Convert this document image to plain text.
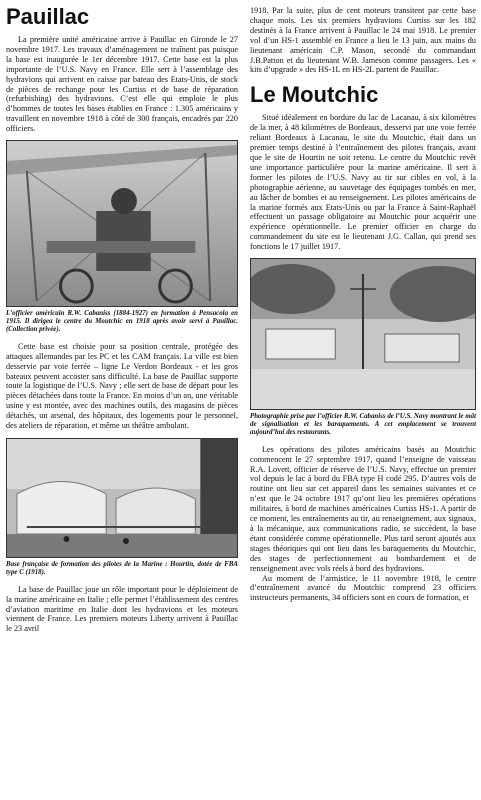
Pauillac

La première unité américaine arrive à Pauillac en Gironde le 27 novembre 1917. Les travaux d’aménagement ne traînent pas puisque la base est inaugurée le 1er décembre 1917. Cette base est la plus importante de l’U.S. Navy en France. Elle sert à l’assemblage des hydravions qui arrivent en caisse par bateau des Etats-Unis, de stock de pièces de rechange pour les Curtiss et de base de réparation (refurbishing) des hydravions. C’est elle qui emploie le plus d’hommes de toutes les bases établies en France : 1.305 américains y travaillent en novembre 1918 à côté de 300 français, encadrés par 220 officiers.

L’officier américain R.W. Cabaniss (1884-1927) en formation à Pensacola en 1915. Il dirigea le centre du Moutchic en 1918 après avoir servi à Pauillac. (Collection privée).

Cette base est choisie pour sa position centrale, protégée des attaques allemandes par les PC et les CAM français. La ville est bien desservie par voie ferrée – ligne Le Verdon Bordeaux - et les gros bateaux peuvent accoster sans difficulté. La base de Pauillac supporte toute la logistique de l’U.S. Navy ; elle sert de base de départ pour les pièces détachées dans toute la France. En moins d’un an, une véritable usine y est montée, avec des machines outils, des magasins de pièces détachés, un arsenal, des hôpitaux, des logements pour le personnel, des ateliers de réparation, et même un théâtre ambulant.

Base française de formation des pilotes de la Marine : Hourtin, dotée de FBA type C (1918).

La base de Pauillac joue un rôle important pour le déploiement de la marine américaine en Italie ; elle permet l’établissement des centres d’aviation maritime en Italie dont les hydravions et les moteurs viennent de France. Les premiers moteurs Liberty arrivent à Pauillac le 23 avril

1918. Par la suite, plus de cent moteurs transitent par cette base chaque mois. Les six premiers hydravions Curtiss sur les 182 destinés à la France arrivent à Pauillac le 24 mai 1918. Le premier vol d’un HS-1 assemblé en France a lieu le 13 juin, aux mains du lieutenant américain C.P. Mason, secondé du commandant J.B.Patton et du lieutenant W.B. Jameson comme passagers. Les « kits d’upgrade » des HS-1L en HS-2L partent de Pauillac.

Le Moutchic

Situé idéalement en bordure du lac de Lacanau, à six kilomètres de la mer, à 48 kilomètres de Bordeaux, desservi par une voie ferrée reliant Bordeaux à Lacanau, le site du Moutchic, était dans un premier temps destiné à l’entraînement des pilotes français, avant que le site de Hourtin ne soit retenu. Le centre du Moutchic revêt une importance particulière pour la marine américaine. Il sert à former les pilotes de l’U.S. Navy au tir sur cibles en vol, à la photographie aérienne, au sauvetage des équipages tombés en mer, au lâcher de bombes et au renseignement. Les pilotes américains de la marine formés aux Etats-Unis ou par la France à Saint-Raphaël effectuent un passage obligatoire au Moutchic pour acquérir une expérience opérationnelle. Le premier officier en charge du commandement du site est le lieutenant J.G. Callan, qui prend ses fonctions le 17 juillet 1917.

Photographie prise par l’officier R.W. Cabaniss de l’U.S. Navy montrant le mât de signalisation et les baraquements. A cet emplacement se trouvent aujourd’hui des restaurants.

Les opérations des pilotes américains basés au Moutchic commencent le 27 septembre 1917, quand l’enseigne de vaisseau R.A. Lovett, officier de réserve de l’U.S. Navy, effectue un premier vol depuis le lac à bord du FBA type H codé 295. D’autres vols de routine ont lieu sur cet appareil dans les semaines suivantes et ce n’est que le 24 octobre 1917 qu’ont lieu les premières opérations militaires, à bord de machines américaines Curtiss HS-1. A partir de ce moment, les entraînements au tir, au renseignement, aux signaux, à la mécanique, aux communications radio, se succèdent, la base étant considérée comme opérationnelle. Plus tard seront ajoutés aux stages théoriques qui ont lieu dans les baraquements du Moutchic, des stages de perfectionnement au bombardement et de renseignement avec vols réels à bord des hydravions.

Au moment de l’armistice, le 11 novembre 1918, le centre d’entraînement avancé du Moutchic comprend 23 officiers instructeurs permanents, 34 officiers sont en cours de formation, et
